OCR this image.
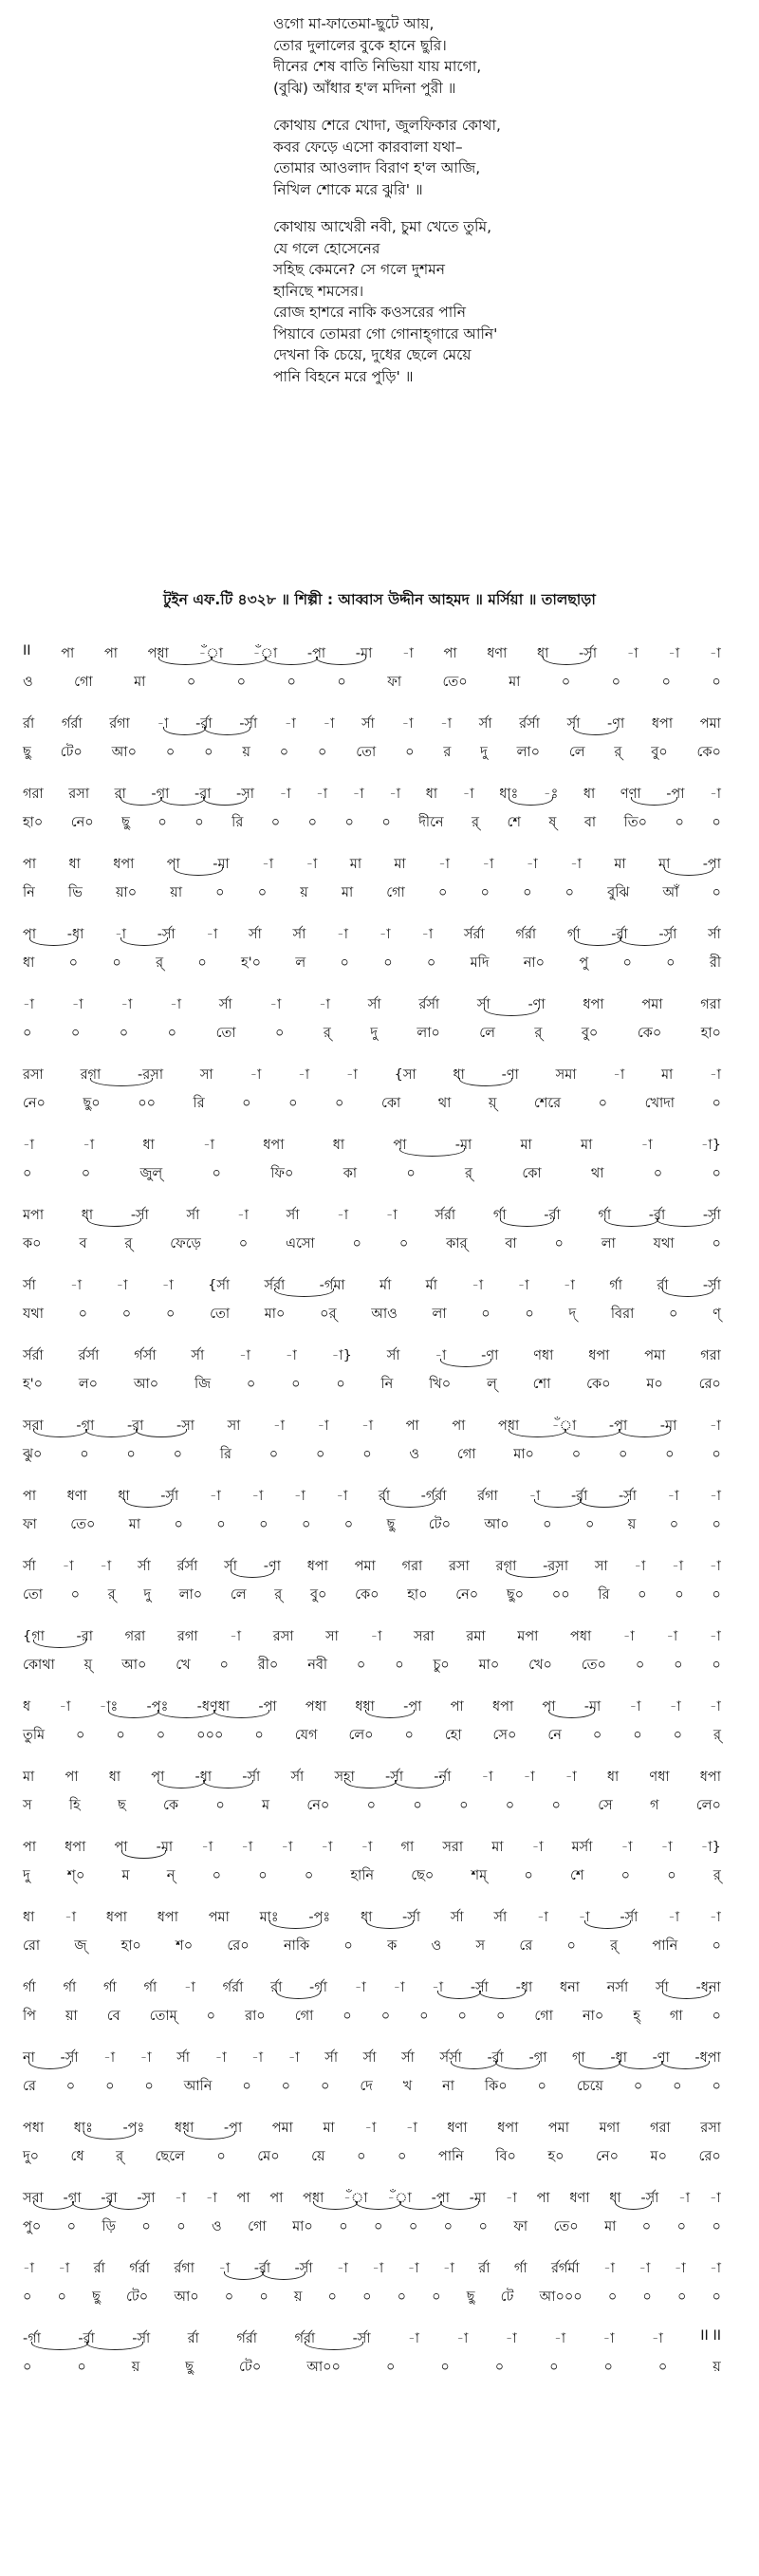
ওগো মা-ফাতেমা-ছুটে আয়,
তোর দুলালের বুকে হানে ছুরি।
দীনের শেষ বাতি নিভিয়া যায় মাগো,
(বুঝি) আঁধার হ'ল মদিনা পুরী ॥
কোথায় শেরে খোদা, জুলফিকার কোথা,
কবর ফেড়ে এসো কারবালা যথা–
তোমার আওলাদ বিরাণ হ'ল আজি,
নিখিল শোকে মরে ঝুরি' ॥
কোথায় আখেরী নবী, চুমা খেতে তুমি,
যে গলে হোসেনের
সহিছ কেমনে? সে গলে দুশমন
হানিছে শমসের।
রোজ হাশরে নাকি কওসরের পানি
পিয়াবে তোমরা গো গোনাহ্‌গারে আনি'
দেখনা কি চেয়ে, দুধের ছেলে মেয়ে
পানি বিহনে মরে পুড়ি' ॥
টুইন এফ.টি ৪৩২৮ ॥ শিল্পী : আব্বাস উদ্দীন আহমদ ॥ মর্সিয়া ॥ তালছাড়া
II পা পা পধা -ঁা -ঁা -পা -মা -া পা ধণা ধা -র্সা -া -া -া
ও	গো	মা	০	০	০	০	ফা	তে০	মা	০	০	০	০
র্রা র্গর্রা র্রগা -া -র্রা -র্সা -া -া র্সা -া -া র্সা র্রর্সা র্সা -ণা ধপা পমা
ছু টে০ আ০ ০ ০ য় ০ ০ তো ০ র দু লা০ লে র্ বু০ কে০
গরা রসা রা -গা -রা -সা -া -া -া -া ধা -া ধাঃ -ঃ ধা ণণা -পা -া
হা০ নে০ ছু ০ ০ রি ০ ০ ০ ০ দীনে র্ শে ষ্ বা তি০ ০ ০
পা ধা ধপা পা -মা -া -া মা মা -া -া -া -া মা মা -পা
নি ভি য়া০ য়া ০ ০ য় মা গো ০ ০ ০ ০ বুঝি আঁ ০
পা -ধা -া -র্সা -া র্সা র্সা -া -া -া র্সর্রা র্গর্রা র্গা -র্রা -র্সা র্সা
ধা	০	০	র্	০	হ'০	ল	০	০	০	মদি	না০	পু	০	০	রী
-া	-া	-া	-া	র্সা	-া	-া	র্সা	র্রর্সা	র্সা	-ণা	ধপা	পমা	গরা
০	০	০	০	তো	০	র্	দু	লা০	লে	র্	বু০	কে০	হা০
রসা	রগা	-রসা	সা	-া	-া	-া	{সা	ধা	-ণা	সমা	-া	মা	-া
নে০	ছু০	০০	রি	০	০	০	কো	থা	য়্	শেরে	০	খোদা	০
-া	-া	ধা	-া	ধপা	ধা	পা	-মা	মা	মা	-া	-া}
০	০	জুল্	০	ফি০	কা	০	র্	কো	থা	০	০
মপা	ধা	-র্সা	র্সা	-া	র্সা	-া	-া	র্সর্রা	র্গা	-র্রা	র্গা	-র্রা	-র্সা
ক০	ব	র্	ফেড়ে	০	এসো	০	০	কার্	বা	০	লা	যথা	০
র্সা	-া	-া	-া	{র্সা	র্সর্রা	-র্গমা	র্মা	র্মা	-া	-া	-া	র্গা	র্রা	-র্সা
যথা	০	০	০	তো	মা০	০র্	আও	লা	০	০	দ্	বিরা	০	ণ্
র্সর্রা	র্রর্সা	র্গর্সা	র্সা	-া	-া	-া}	র্সা	-া	-ণা	ণধা	ধপা	পমা	গরা
হ'০	ল০	আ০	জি	০	০	০	নি	খি০	ল্	শো	কে০	ম০	রে০
সরা -গা -রা -সা সা -া -া -া পা পা পধা -ঁা -পা -মা -া
ঝু০	০	০	০	রি	০	০	০	ও	গো	মা০	০	০	০	০
পা ধণা ধা -র্সা -া -া -া -া র্রা -র্গর্রা র্রগা -া -র্রা -র্সা -া -া
ফা তে০ মা ০ ০ ০ ০ ০ ছু টে০ আ০ ০ ০ য় ০ ০
র্সা -া -া র্সা র্রর্সা র্সা -ণা ধপা পমা গরা রসা রগা -রসা সা -া -া -া
তো ০ র্ দু লা০ লে র্ বু০ কে০ হা০ নে০ ছু০ ০০ রি ০ ০ ০
{গা -রা গরা রগা -া রসা সা -া সরা রমা মপা পধা -া -া -া
কোথা য়্ আ০ খে ০ রী০ নবী ০ ০ চু০ মা০ খে০ তে০ ০ ০ ০
ধ -া -াঃ -পঃ -ধণধা -পা পধা ধধা -পা পা ধপা পা -মা -া -া -া
তুমি ০ ০ ০ ০০০ ০ যেগ লে০ ০ হো সে০ নে ০ ০ ০ র্
মা পা ধা পা -ধা -র্সা র্সা সহা -র্সা -র্না -া -া -া ধা ণধা ধপা
স	হি	ছ	কে	০	ম	নে০	০	০	০	০	০	সে	গ	লে০
পা ধপা পা -মা -া -া -া -া -া গা সরা মা -া মর্সা -া -া -া}
দু	শ্‌০	ম	ন্	০	০	০	হানি	ছে০	শম্	০	শে	০	০	র্
ধা -া ধপা ধপা পমা মাঃ -পঃ ধা -র্সা র্সা র্সা -া -া -র্সা -া -া
রো	জ্	হা০	শ০	রে০	নাকি	০	ক	ও	স	রে	০	র্	পানি	০
র্গা র্গা র্গা র্গা -া র্গর্রা র্রা -র্গা -া -া -া -র্সা -ধা ধনা নর্সা র্সা -ধনা
পি য়া বে তোম্ ০ রা০ গো ০ ০ ০ ০ ০ গো না০ হ্ গা ০
না -র্সা -া -া র্সা -া -া -া র্সা র্সা র্সা র্সর্সা -র্রা -গা গা -ধা -ণা -ধপা
রে ০ ০ ০ আনি ০ ০ ০ দে খ না কি০ ০ চেয়ে ০ ০ ০
পধা ধাঃ -পঃ ধধা -পা পমা মা -া -া ধণা ধপা পমা মগা গরা রসা
দু০ ধে র্ ছেলে ০ মে০ য়ে ০ ০ পানি বি০ হ০ নে০ ম০ রে০
সরা -গা -রা -সা -া -া পা পা পধা -ঁা -ঁা -পা -মা -া পা ধণা ধা -র্সা -া -া
পু০ ০ ড়ি ০ ০ ও গো মা০ ০ ০ ০ ০ ০ ফা তে০ মা ০ ০ ০
-া -া র্রা র্গর্রা র্রগা -া -র্রা -র্সা -া -া -া -া র্রা র্গা র্রর্গর্মা -া -া -া -া
০ ০ ছু টে০ আ০ ০ ০ য় ০ ০ ০ ০ ছু টে আ০০০ ০ ০ ০ ০
-র্গা	-র্রা	-র্সা	র্রা	র্গর্রা	র্গর্রা	-র্সা	-া	-া	-া	-া	-া	-া	II II
০	০	য়	ছু	টে০	আ০০	০	০	০	০	০	০	য়
